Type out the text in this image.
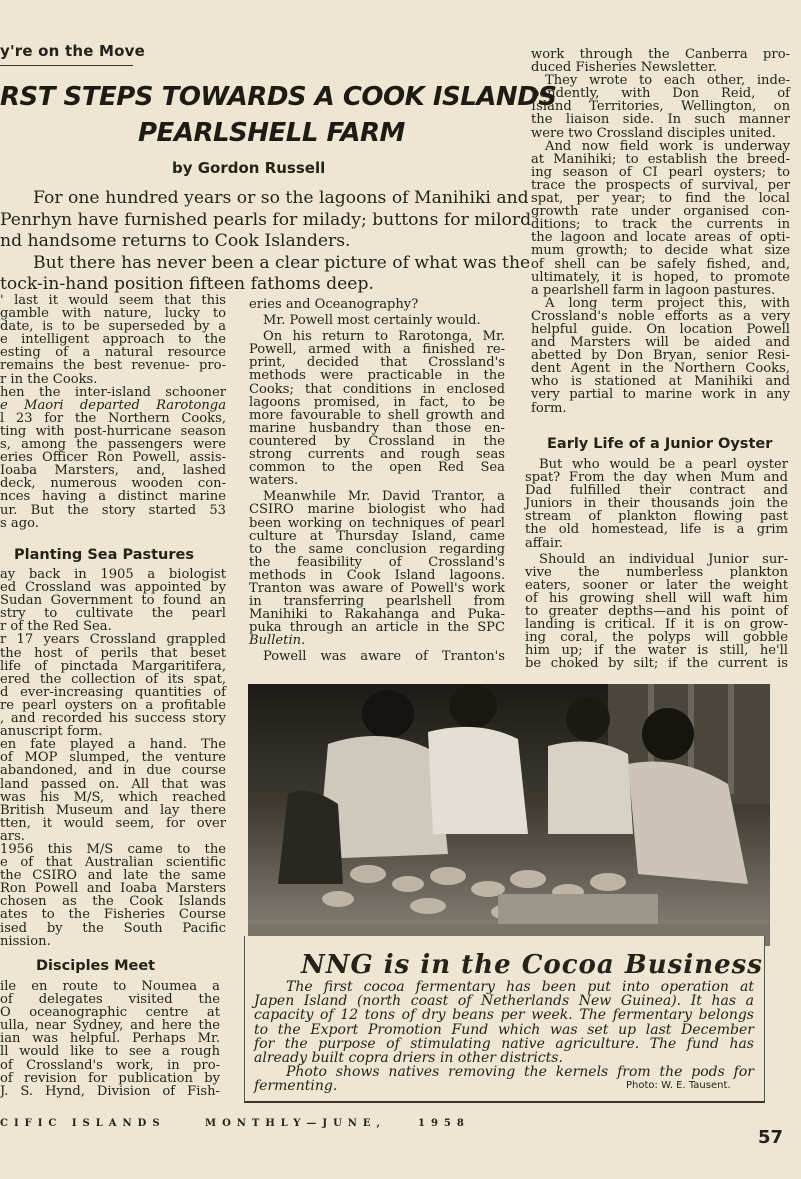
y're on the Move
RST STEPS TOWARDS A COOK ISLANDS
PEARLSHELL FARM
by Gordon Russell

For one hundred years or so the lagoons of Manihiki and

Penrhyn have furnished pearls for milady; buttons for milord

nd handsome returns to Cook Islanders.

But there has never been a clear picture of what was the

tock-in-hand position fifteen fathoms deep.

' last it would seem that this

gamble with nature, lucky to

date, is to be superseded by a

e intelligent approach to the

esting of a natural resource

remains the best revenue- pro-

r in the Cooks.

hen the inter-island schooner

e Maori departed Rarotonga

l 23 for the Northern Cooks,

ting with post-hurricane season

s, among the passengers were

eries Officer Ron Powell, assis-

Ioaba Marsters, and, lashed

deck, numerous wooden con-

nces having a distinct marine

ur. But the story started 53

s ago.

Planting Sea Pastures

ay back in 1905 a biologist

ed Crossland was appointed by

Sudan Government to found an

stry to cultivate the pearl

r of the Red Sea.

r 17 years Crossland grappled

the host of perils that beset

life of pinctada Margaritifera,

ered the collection of its spat,

d ever-increasing quantities of

re pearl oysters on a profitable

, and recorded his success story

anuscript form.

en fate played a hand. The

of MOP slumped, the venture

abandoned, and in due course

land passed on. All that was

was his M/S, which reached

British Museum and lay there

tten, it would seem, for over

ars.

1956 this M/S came to the

e of that Australian scientific

the CSIRO and late the same

Ron Powell and Ioaba Marsters

chosen as the Cook Islands

ates to the Fisheries Course

ised by the South Pacific

nission.

Disciples Meet

ile en route to Noumea a

of delegates visited the

O oceanographic centre at

ulla, near Sydney, and here the

ian was helpful. Perhaps Mr.

ll would like to see a rough

of Crossland's work, in pro-

of revision for publication by

J. S. Hynd, Division of Fish-

eries and Oceanography?

Mr. Powell most certainly would.

On his return to Rarotonga, Mr.

Powell, armed with a finished re-

print, decided that Crossland's

methods were practicable in the

Cooks; that conditions in enclosed

lagoons promised, in fact, to be

more favourable to shell growth and

marine husbandry than those en-

countered by Crossland in the

strong currents and rough seas

common to the open Red Sea

waters.

Meanwhile Mr. David Trantor, a

CSIRO marine biologist who had

been working on techniques of pearl

culture at Thursday Island, came

to the same conclusion regarding

the feasibility of Crossland's

methods in Cook Island lagoons.

Tranton was aware of Powell's work

in transferring pearlshell from

Manihiki to Rakahanga and Puka-

puka through an article in the SPC

Bulletin.

Powell was aware of Tranton's

work through the Canberra pro-

duced Fisheries Newsletter.

They wrote to each other, inde-

pendently, with Don Reid, of

Island Territories, Wellington, on

the liaison side. In such manner

were two Crossland disciples united.

And now field work is underway

at Manihiki; to establish the breed-

ing season of CI pearl oysters; to

trace the prospects of survival, per

spat, per year; to find the local

growth rate under organised con-

ditions; to track the currents in

the lagoon and locate areas of opti-

mum growth; to decide what size

of shell can be safely fished, and,

ultimately, it is hoped, to promote

a pearlshell farm in lagoon pastures.

A long term project this, with

Crossland's noble efforts as a very

helpful guide. On location Powell

and Marsters will be aided and

abetted by Don Bryan, senior Resi-

dent Agent in the Northern Cooks,

who is stationed at Manihiki and

very partial to marine work in any

form.

Early Life of a Junior Oyster

But who would be a pearl oyster

spat? From the day when Mum and

Dad fulfilled their contract and

Juniors in their thousands join the

stream of plankton flowing past

the old homestead, life is a grim

affair.

Should an individual Junior sur-

vive the numberless plankton

eaters, sooner or later the weight

of his growing shell will waft him

to greater depths—and his point of

landing is critical. If it is on grow-

ing coral, the polyps will gobble

him up; if the water is still, he'll

be choked by silt; if the current is

NNG is in the Cocoa Business

The first cocoa fermentary has been put into operation at

Japen Island (north coast of Netherlands New Guinea). It has a

capacity of 12 tons of dry beans per week. The fermentary belongs

to the Export Promotion Fund which was set up last December

for the purpose of stimulating native agriculture. The fund has

already built copra driers in other districts.

Photo shows natives removing the kernels from the pods for

fermenting.	Photo: W. E. Tausent.
CIFIC ISLANDS	MONTHLY—JUNE,	1958
57
